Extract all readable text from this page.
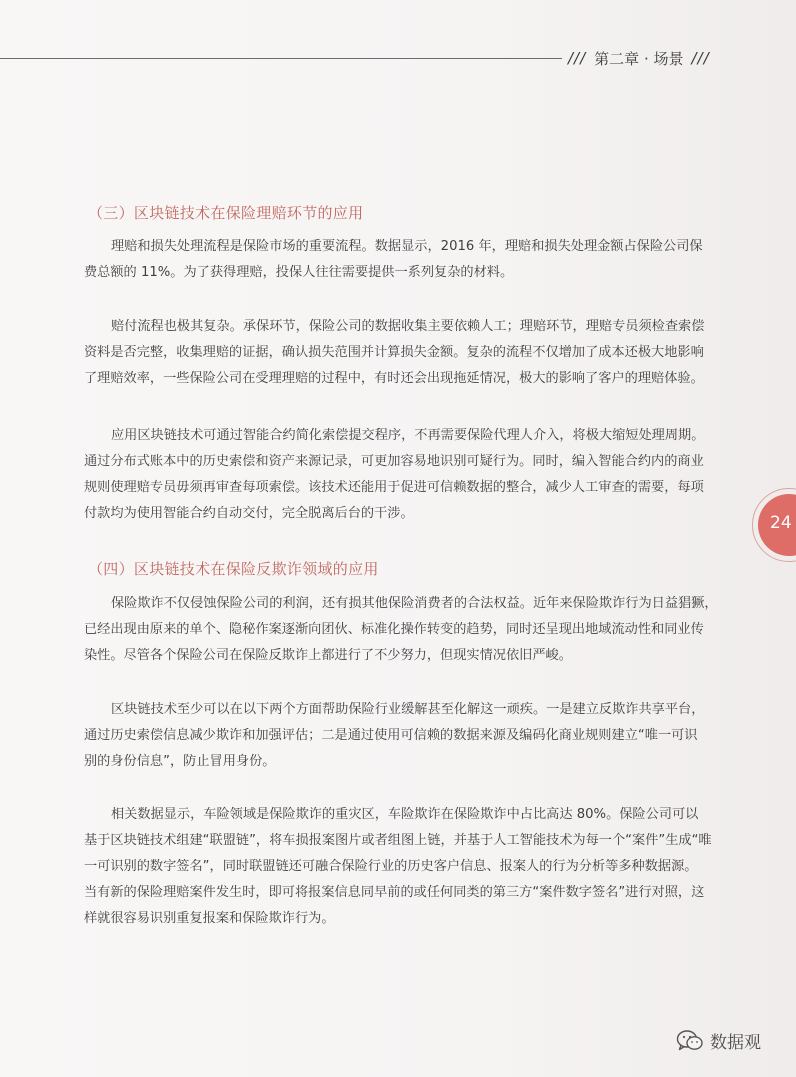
/// 第二章 · 场景 ///
（三）区块链技术在保险理赔环节的应用
理赔和损失处理流程是保险市场的重要流程。数据显示，2016 年，理赔和损失处理金额占保险公司保
费总额的 11%。为了获得理赔，投保人往往需要提供一系列复杂的材料。
赔付流程也极其复杂。承保环节，保险公司的数据收集主要依赖人工；理赔环节，理赔专员须检查索偿
资料是否完整，收集理赔的证据，确认损失范围并计算损失金额。复杂的流程不仅增加了成本还极大地影响
了理赔效率，一些保险公司在受理理赔的过程中，有时还会出现拖延情况，极大的影响了客户的理赔体验。
应用区块链技术可通过智能合约简化索偿提交程序，不再需要保险代理人介入，将极大缩短处理周期。
通过分布式账本中的历史索偿和资产来源记录，可更加容易地识别可疑行为。同时，编入智能合约内的商业
规则使理赔专员毋须再审查每项索偿。该技术还能用于促进可信赖数据的整合，减少人工审查的需要，每项
付款均为使用智能合约自动交付，完全脱离后台的干涉。
（四）区块链技术在保险反欺诈领域的应用
保险欺诈不仅侵蚀保险公司的利润，还有损其他保险消费者的合法权益。近年来保险欺诈行为日益猖獗，
已经出现由原来的单个、隐秘作案逐渐向团伙、标准化操作转变的趋势，同时还呈现出地域流动性和同业传
染性。尽管各个保险公司在保险反欺诈上都进行了不少努力，但现实情况依旧严峻。
区块链技术至少可以在以下两个方面帮助保险行业缓解甚至化解这一顽疾。一是建立反欺诈共享平台，
通过历史索偿信息减少欺诈和加强评估；二是通过使用可信赖的数据来源及编码化商业规则建立“唯一可识
别的身份信息”，防止冒用身份。
相关数据显示，车险领域是保险欺诈的重灾区，车险欺诈在保险欺诈中占比高达 80%。保险公司可以
基于区块链技术组建“联盟链”，将车损报案图片或者组图上链，并基于人工智能技术为每一个“案件”生成“唯
一可识别的数字签名”，同时联盟链还可融合保险行业的历史客户信息、报案人的行为分析等多种数据源。
当有新的保险理赔案件发生时，即可将报案信息同早前的或任何同类的第三方“案件数字签名”进行对照，这
样就很容易识别重复报案和保险欺诈行为。
24
数据观
